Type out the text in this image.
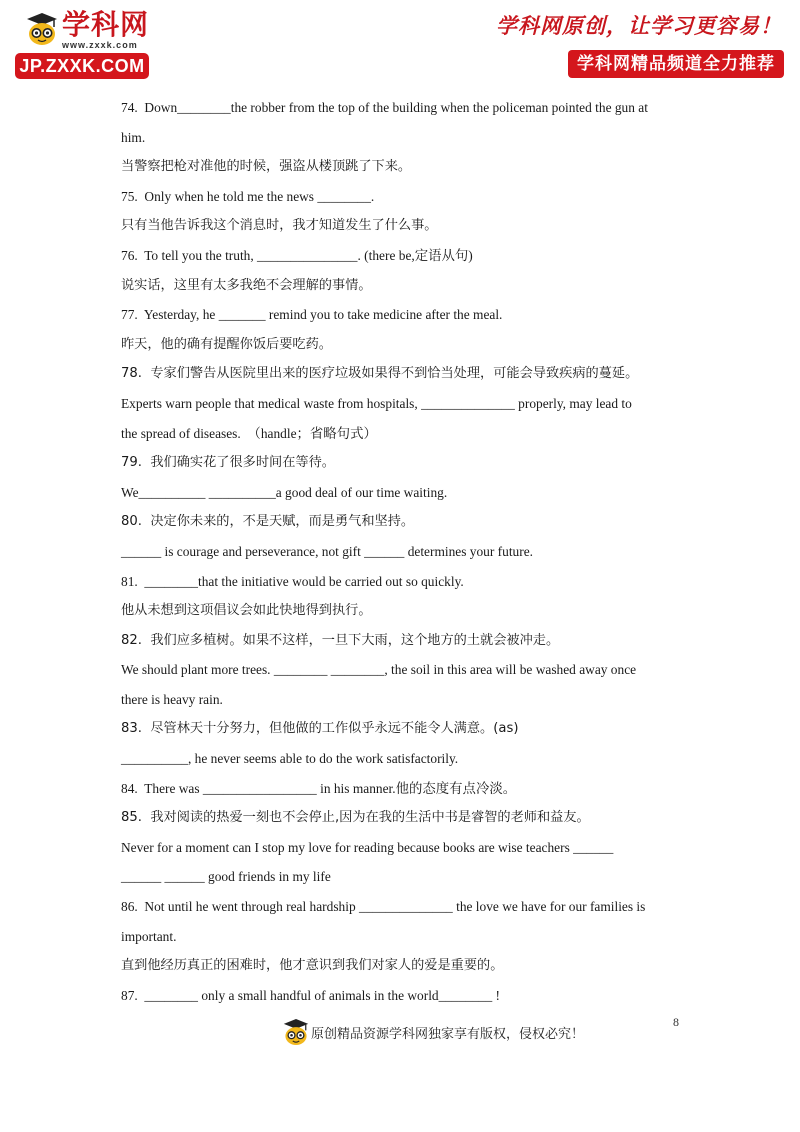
学科网
www.zxxk.com
JP.ZXXK.COM
学科网原创，让学习更容易！
学科网精品频道全力推荐
74.  Down________the robber from the top of the building when the policeman pointed the gun at
him.
当警察把枪对准他的时候，强盗从楼顶跳了下来。
75.  Only when he told me the news ________.
只有当他告诉我这个消息时，我才知道发生了什么事。
76.  To tell you the truth, _______________. (there be,定语从句)
说实话，这里有太多我绝不会理解的事情。
77.  Yesterday, he _______ remind you to take medicine after the meal.
昨天，他的确有提醒你饭后要吃药。
78.  专家们警告从医院里出来的医疗垃圾如果得不到恰当处理，可能会导致疾病的蔓延。
Experts warn people that medical waste from hospitals, ______________ properly, may lead to
the spread of diseases.  （handle；省略句式）
79.  我们确实花了很多时间在等待。
We__________ __________a good deal of our time waiting.
80.  决定你未来的，不是天赋，而是勇气和坚持。
______ is courage and perseverance, not gift ______ determines your future.
81.  ________that the initiative would be carried out so quickly.
他从未想到这项倡议会如此快地得到执行。
82.  我们应多植树。如果不这样，一旦下大雨，这个地方的土就会被冲走。
We should plant more trees. ________ ________, the soil in this area will be washed away once
there is heavy rain.
83.  尽管林天十分努力，但他做的工作似乎永远不能令人满意。(as)
__________, he never seems able to do the work satisfactorily.
84.  There was _________________ in his manner.他的态度有点冷淡。
85.  我对阅读的热爱一刻也不会停止,因为在我的生活中书是睿智的老师和益友。
Never for a moment can I stop my love for reading because books are wise teachers ______
______ ______ good friends in my life
86.  Not until he went through real hardship ______________ the love we have for our families is
important.
直到他经历真正的困难时，他才意识到我们对家人的爱是重要的。
87.  ________ only a small handful of animals in the world________ !
原创精品资源学科网独家享有版权，侵权必究！
8
